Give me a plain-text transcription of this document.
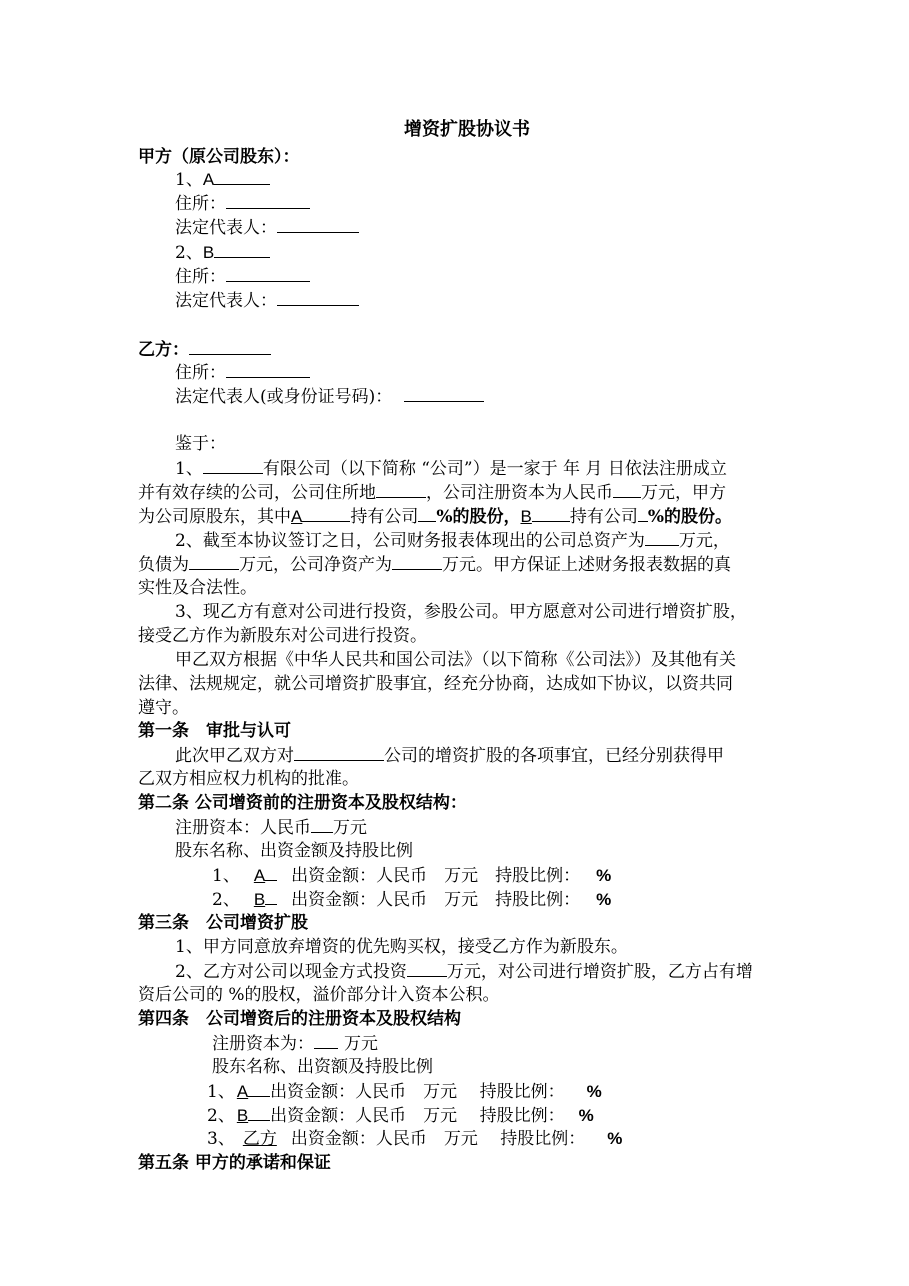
增资扩股协议书
甲方（原公司股东）：
1、A
住所：
法定代表人：
2、B
住所：
法定代表人：
乙方：
住所：
法定代表人(或身份证号码)：
鉴于：
1、	有限公司（以下简称 “公司”）是一家于 年 月 日依法注册成立
并有效存续的公司，公司住所地	，公司注册资本为人民币 万元，甲方
为公司原股东，其中A	持有公司 %的股份，B 持有公司 %的股份。
2、截至本协议签订之日，公司财务报表体现出的公司总资产为 万元，
负债为	万元，公司净资产为	万元。甲方保证上述财务报表数据的真
实性及合法性。
3、现乙方有意对公司进行投资，参股公司。甲方愿意对公司进行增资扩股，
接受乙方作为新股东对公司进行投资。
甲乙双方根据《中华人民共和国公司法》（以下简称《公司法》）及其他有关
法律、法规规定，就公司增资扩股事宜，经充分协商，达成如下协议，以资共同
遵守。
第一条　审批与认可
此次甲乙双方对	公司的增资扩股的各项事宜，已经分别获得甲
乙双方相应权力机构的批准。
第二条 公司增资前的注册资本及股权结构：
注册资本：人民币 万元
股东名称、出资金额及持股比例
1、 A 出资金额：人民币　万元　持股比例： %
2、 B 出资金额：人民币　万元　持股比例： %
第三条　公司增资扩股
1、甲方同意放弃增资的优先购买权，接受乙方作为新股东。
2、乙方对公司以现金方式投资 万元，对公司进行增资扩股，乙方占有增
资后公司的 %的股权，溢价部分计入资本公积。
第四条　公司增资后的注册资本及股权结构
注册资本为： 万元
股东名称、出资额及持股比例
1、 A 出资金额：人民币　万元　 持股比例： %
2、 B 出资金额：人民币　万元　 持股比例： %
3、 乙方 出资金额：人民币　万元　 持股比例： %
第五条 甲方的承诺和保证
